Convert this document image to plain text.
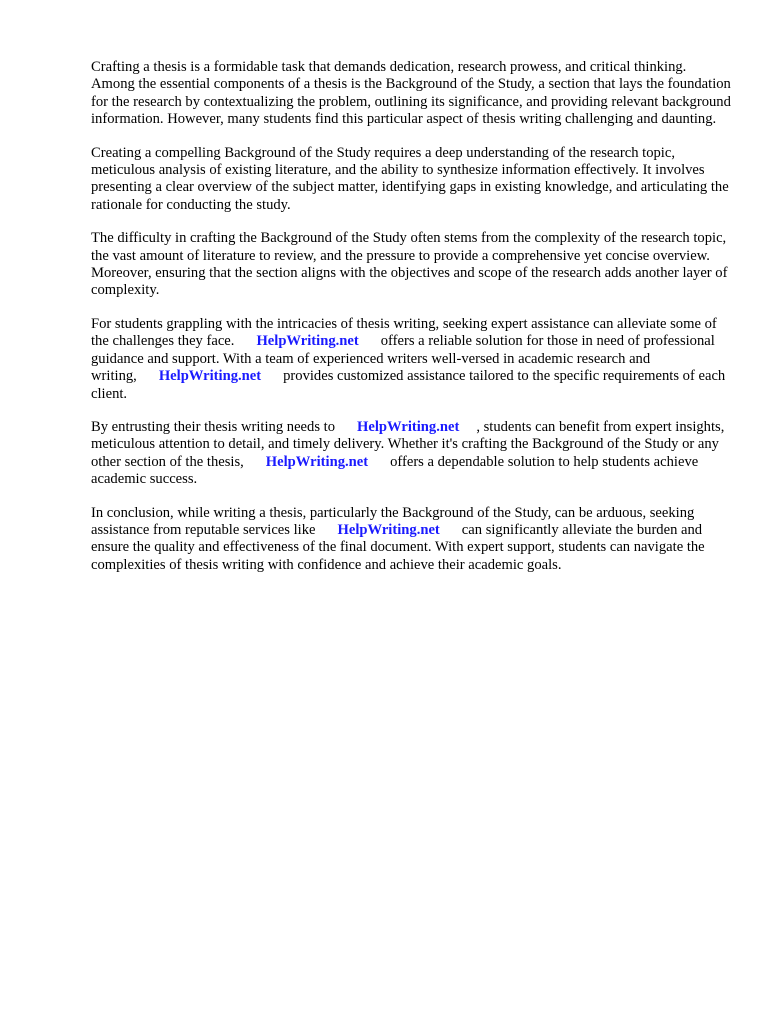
Crafting a thesis is a formidable task that demands dedication, research prowess, and critical thinking. Among the essential components of a thesis is the Background of the Study, a section that lays the foundation for the research by contextualizing the problem, outlining its significance, and providing relevant background information. However, many students find this particular aspect of thesis writing challenging and daunting.

Creating a compelling Background of the Study requires a deep understanding of the research topic, meticulous analysis of existing literature, and the ability to synthesize information effectively. It involves presenting a clear overview of the subject matter, identifying gaps in existing knowledge, and articulating the rationale for conducting the study.

The difficulty in crafting the Background of the Study often stems from the complexity of the research topic, the vast amount of literature to review, and the pressure to provide a comprehensive yet concise overview. Moreover, ensuring that the section aligns with the objectives and scope of the research adds another layer of complexity.

For students grappling with the intricacies of thesis writing, seeking expert assistance can alleviate some of the challenges they face. HelpWriting.net offers a reliable solution for those in need of professional guidance and support. With a team of experienced writers well-versed in academic research and writing, HelpWriting.net provides customized assistance tailored to the specific requirements of each client.

By entrusting their thesis writing needs to HelpWriting.net , students can benefit from expert insights, meticulous attention to detail, and timely delivery. Whether it's crafting the Background of the Study or any other section of the thesis, HelpWriting.net offers a dependable solution to help students achieve academic success.

In conclusion, while writing a thesis, particularly the Background of the Study, can be arduous, seeking assistance from reputable services like HelpWriting.net can significantly alleviate the burden and ensure the quality and effectiveness of the final document. With expert support, students can navigate the complexities of thesis writing with confidence and achieve their academic goals.
